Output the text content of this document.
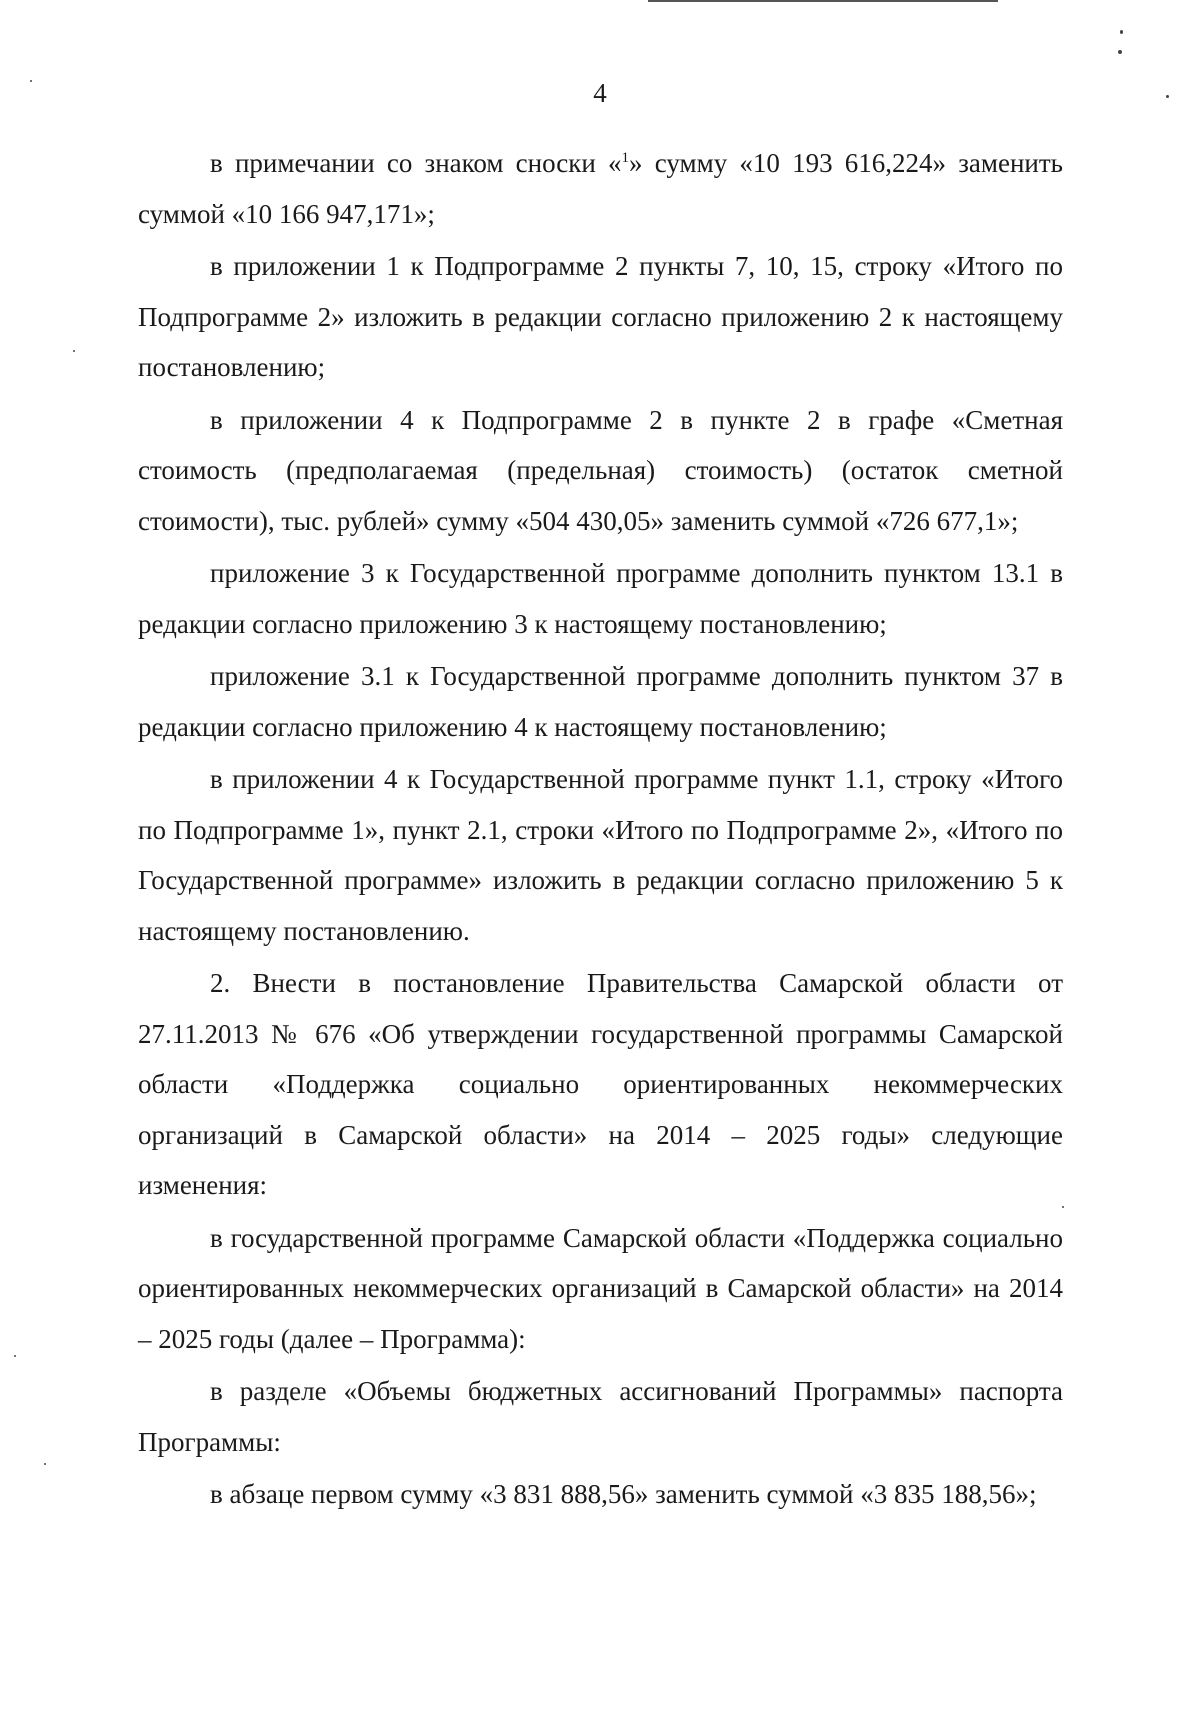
4

в примечании со знаком сноски «$^1$» сумму «10 193 616,224» заменить суммой «10 166 947,171»;

в приложении 1 к Подпрограмме 2 пункты 7, 10, 15, строку «Итого по Подпрограмме 2» изложить в редакции согласно приложению 2 к настоящему постановлению;

в приложении 4 к Подпрограмме 2 в пункте 2 в графе «Сметная стоимость (предполагаемая (предельная) стоимость) (остаток сметной стоимости), тыс. рублей» сумму «504 430,05» заменить суммой «726 677,1»;

приложение 3 к Государственной программе дополнить пунктом 13.1 в редакции согласно приложению 3 к настоящему постановлению;

приложение 3.1 к Государственной программе дополнить пунктом 37 в редакции согласно приложению 4 к настоящему постановлению;

в приложении 4 к Государственной программе пункт 1.1, строку «Итого по Подпрограмме 1», пункт 2.1, строки «Итого по Подпрограмме 2», «Итого по Государственной программе» изложить в редакции согласно приложению 5 к настоящему постановлению.

2. Внести в постановление Правительства Самарской области от 27.11.2013 № 676 «Об утверждении государственной программы Самарской области «Поддержка социально ориентированных некоммерческих организаций в Самарской области» на 2014 – 2025 годы» следующие изменения:

в государственной программе Самарской области «Поддержка социально ориентированных некоммерческих организаций в Самарской области» на 2014 – 2025 годы (далее – Программа):

в разделе «Объемы бюджетных ассигнований Программы» паспорта Программы:

в абзаце первом сумму «3 831 888,56» заменить суммой «3 835 188,56»;
